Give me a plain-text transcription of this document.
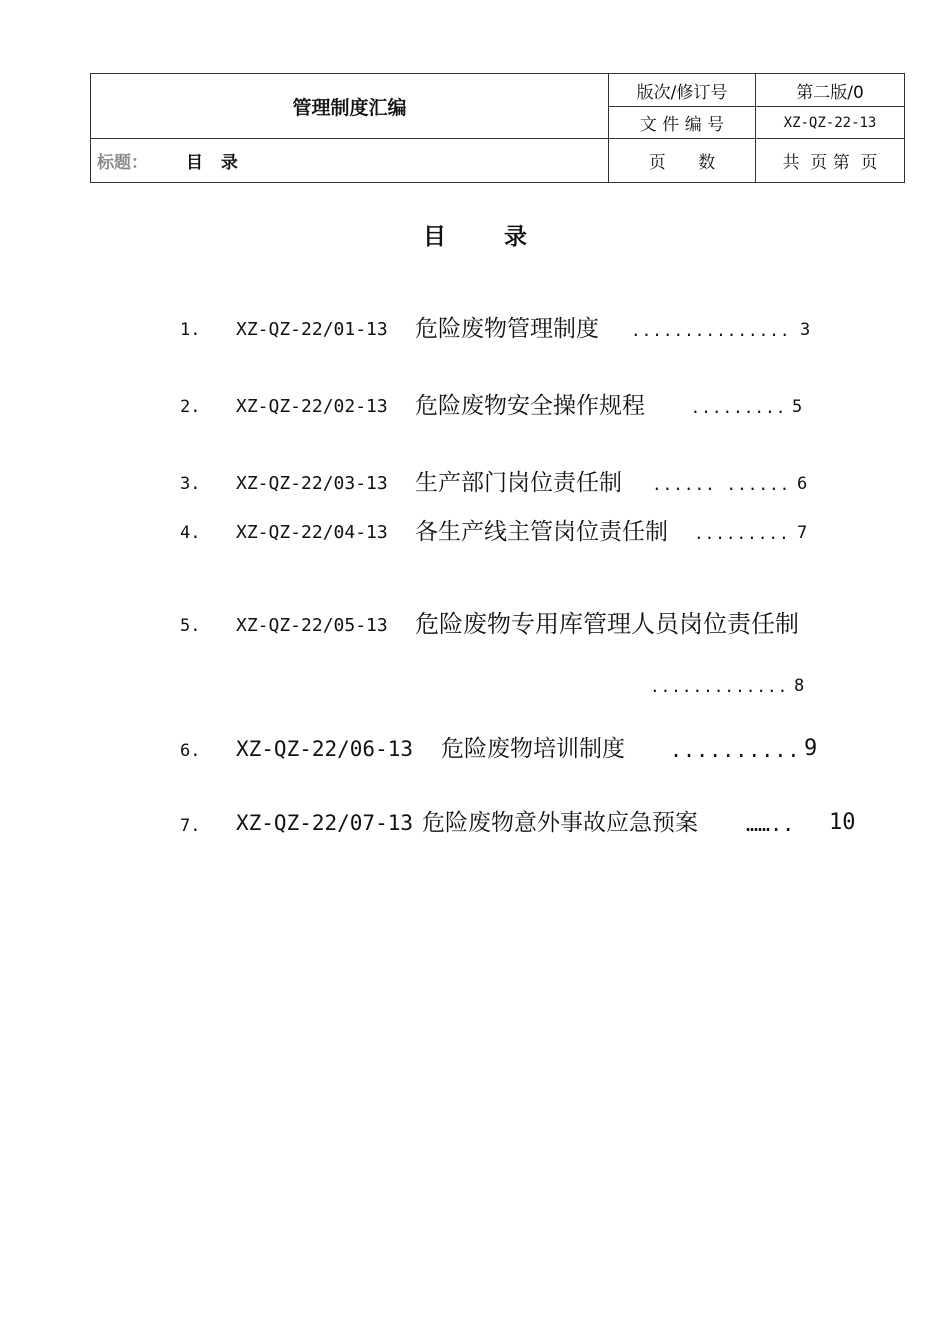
管理制度汇编	版次/修订号	第二版/0
	文 件 编 号	XZ-QZ-22-13
标题： 目 录	页      数	共  页 第  页
目录
1. XZ-QZ-22/01-13 危险废物管理制度 ............... 3
2. XZ-QZ-22/02-13 危险废物安全操作规程 ......... 5
3. XZ-QZ-22/03-13 生产部门岗位责任制 ...... ...... 6
4. XZ-QZ-22/04-13 各生产线主管岗位责任制 ......... 7
5. XZ-QZ-22/05-13 危险废物专用库管理人员岗位责任制
............. 8
6. XZ-QZ-22/06-13 危险废物培训制度 .......... 9
7. XZ-QZ-22/07-13 危险废物意外事故应急预案 …….. 10
